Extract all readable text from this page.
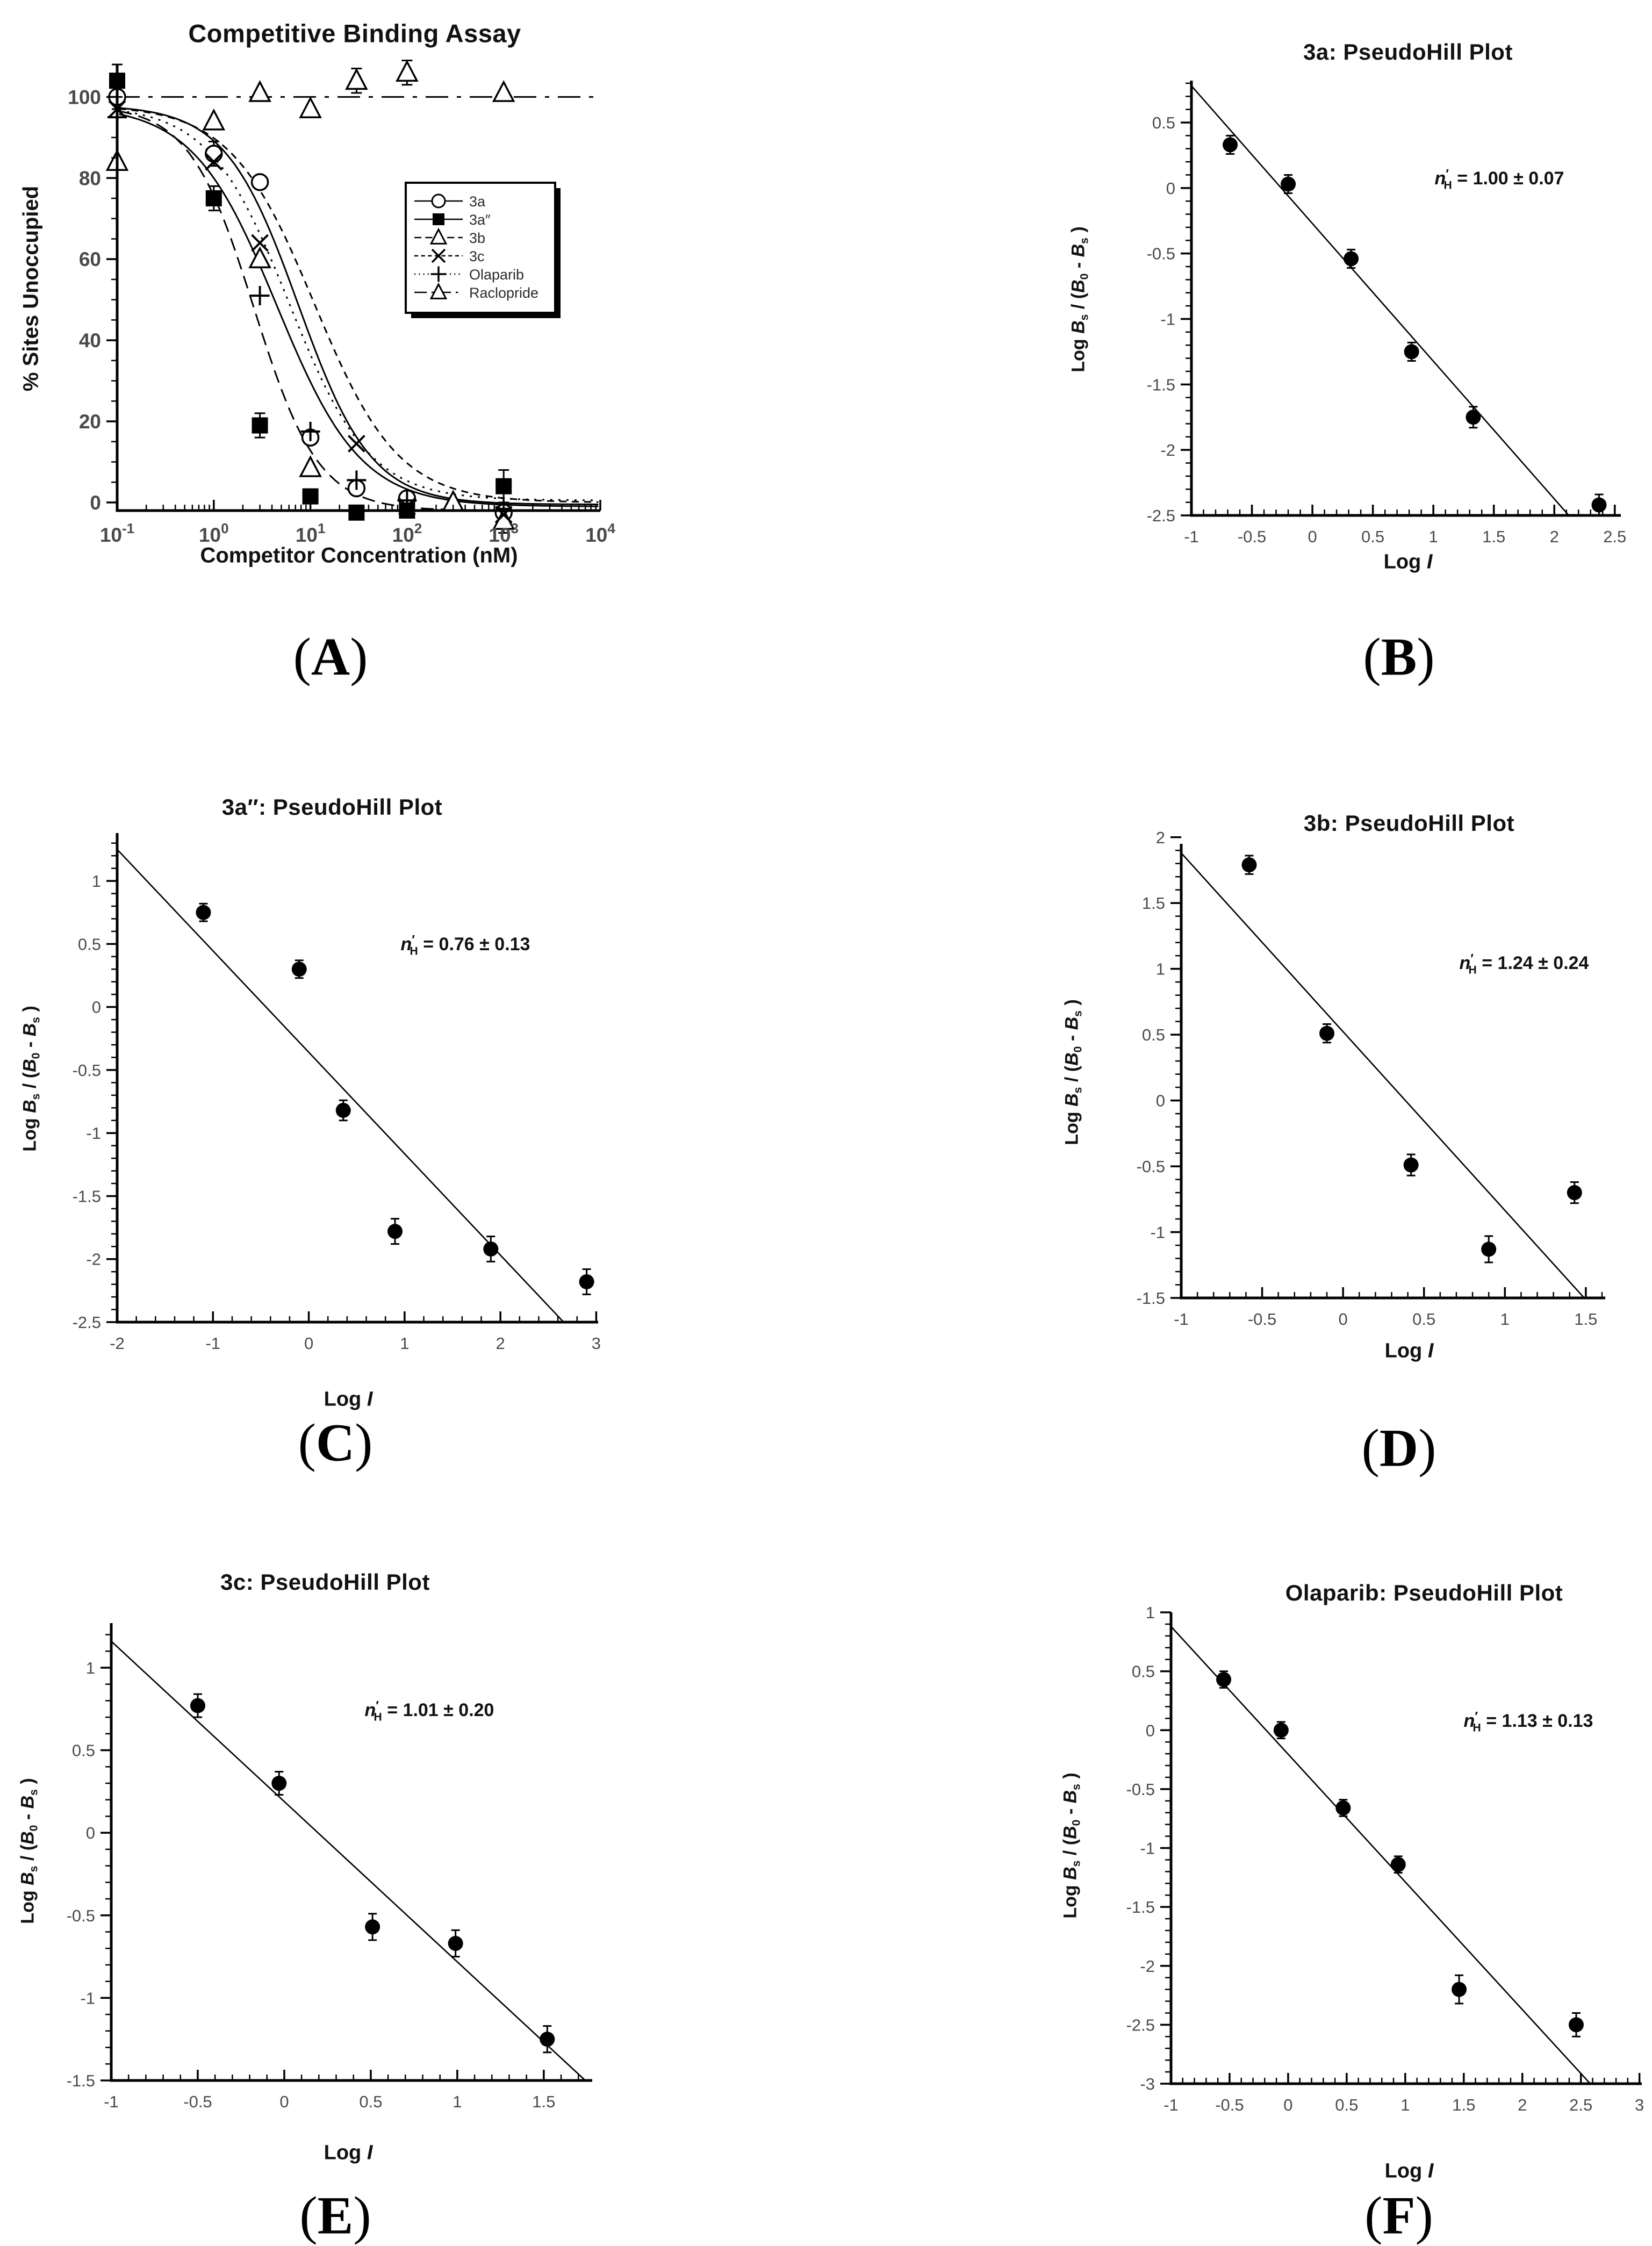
$10^{-1}$	$10^0$	$10^1$	$10^2$	$10^3$	$10^4$
0
20
40
60
80
100
3a
3a″
3b
3c
Olaparib
Raclopride
Competitive Binding Assay
Competitor Concentration (nM)
% Sites Unoccupied
(A)
-1 -0.5 0	0.5	1	1.5	2	2.5
0.5
0
-0.5
-1
-1.5
-2
-2.5
3a: PseudoHill Plot
Log I
Log $B_s / (B_0 - B_s$ )
$n'_H = 1.00 \pm 0.07$
(B)
-2	-1	0	1	2	3
1
0.5
0
-0.5
-1
-1.5
-2
-2.5
3a″: PseudoHill Plot
Log I
Log $B_s / (B_0 - B_s$ )
$n'_H = 0.76 \pm 0.13$
(C)
-1	-0.5	0	0.5	1	1.5
2
1.5
1
0.5
0
-0.5
-1
-1.5
3b: PseudoHill Plot
Log I
Log $B_s / (B_0 - B_s$ )
$n'_H = 1.24 \pm 0.24$
(D)
-1	-0.5	0	0.5	1	1.5
1
0.5
0
-0.5
-1
-1.5
3c: PseudoHill Plot
Log I
Log $B_s / (B_0 - B_s$ )
$n'_H = 1.01 \pm 0.20$
(E)
-1 -0.5 0	0.5	1	1.5	2	2.5	3
1
0.5
0
-0.5
-1
-1.5
-2
-2.5
-3
Olaparib: PseudoHill Plot
Log I
Log $B_s / (B_0 - B_s$ )
$n'_H = 1.13 \pm 0.13$
(F)
